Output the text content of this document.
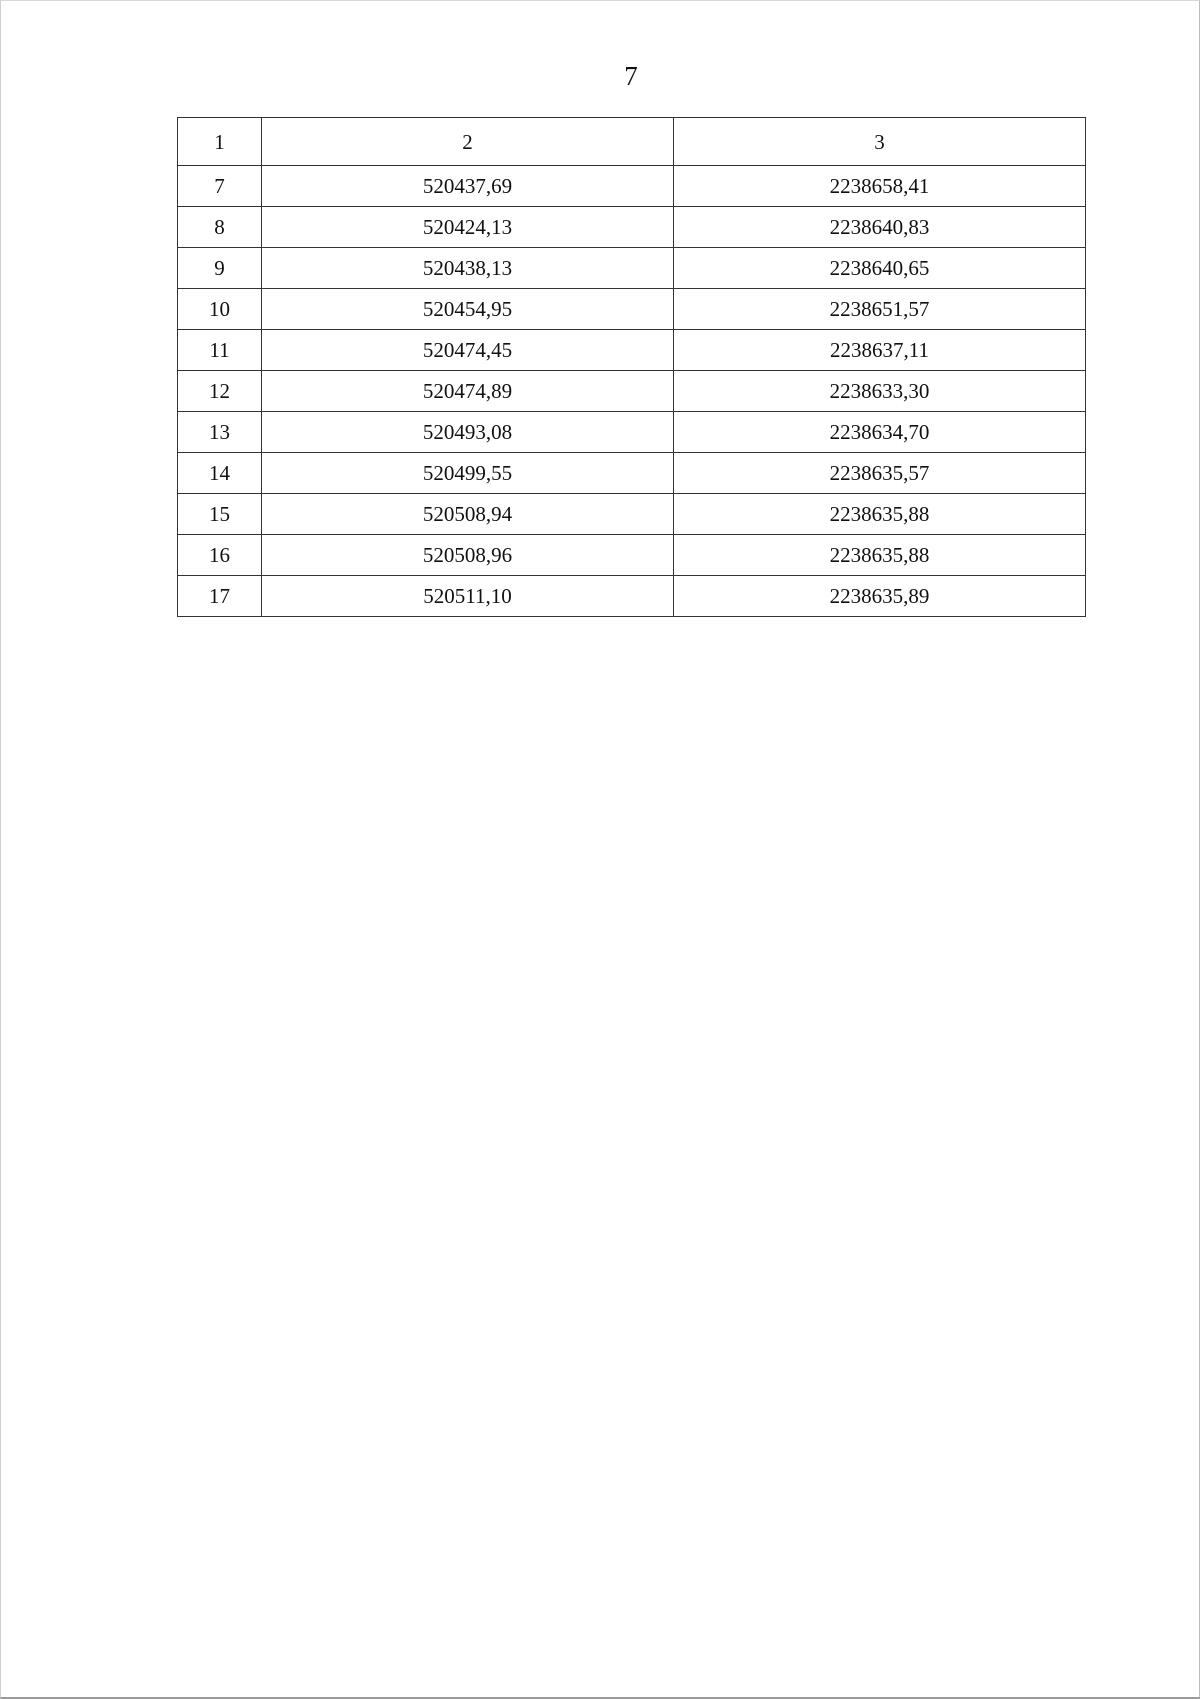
7
1	2	3
7	520437,69	2238658,41
8	520424,13	2238640,83
9	520438,13	2238640,65
10	520454,95	2238651,57
11	520474,45	2238637,11
12	520474,89	2238633,30
13	520493,08	2238634,70
14	520499,55	2238635,57
15	520508,94	2238635,88
16	520508,96	2238635,88
17	520511,10	2238635,89
